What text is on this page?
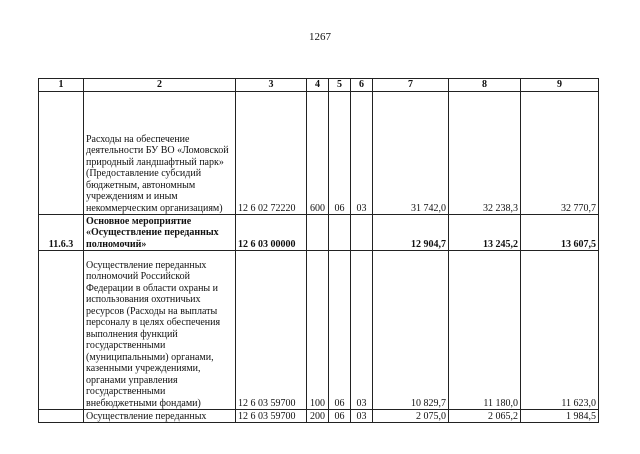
1267
1	2	3	4	5	6	7	8	9
	Расходы на обеспечение деятельности БУ ВО «Ломовской природный ландшафтный парк» (Предоставление субсидий бюджетным, автономным учреждениям и иным некоммерческим организациям)	12 6 02 72220	600	06	03	31 742,0	32 238,3	32 770,7
11.6.3	Основное мероприятие «Осуществление переданных полномочий»	12 6 03 00000				12 904,7	13 245,2	13 607,5
	Осуществление переданных полномочий Российской Федерации в области охраны и использования охотничьих ресурсов (Расходы на выплаты персоналу в целях обеспечения выполнения функций государственными (муниципальными) органами, казенными учреждениями, органами управления государственными внебюджетными фондами)	12 6 03 59700	100	06	03	10 829,7	11 180,0	11 623,0
	Осуществление переданных	12 6 03 59700	200	06	03	2 075,0	2 065,2	1 984,5
